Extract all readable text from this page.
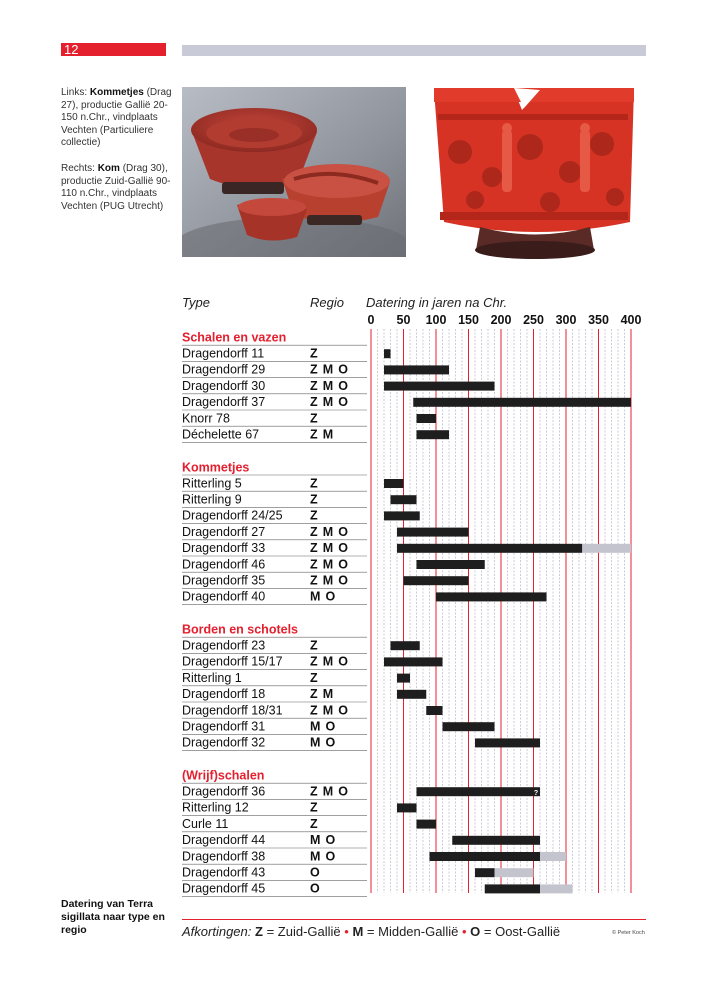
12
Links: Kommetjes (Drag 27), productie Gallië 20-150 n.Chr., vindplaats Vechten (Particuliere collectie)
Rechts: Kom (Drag 30), productie Zuid-Gallië 90-110 n.Chr., vindplaats Vechten (PUG Utrecht)
Type	Regio Datering in jaren na Chr.
0 50 100 150 200 250 300 350 400
Schalen en vazen
Dragendorff 11	Z
Dragendorff 29	Z M O
Dragendorff 30	Z M O
Dragendorff 37	Z M O
Knorr 78	Z
Déchelette 67	Z M
Kommetjes
Ritterling 5	Z
Ritterling 9	Z
Dragendorff 24/25 Z
Dragendorff 27	Z M O
Dragendorff 33	Z M O
Dragendorff 46	Z M O
Dragendorff 35	Z M O
Dragendorff 40	M O
Borden en schotels
Dragendorff 23	Z
Dragendorff 15/17 Z M O
Ritterling 1	Z
Dragendorff 18	Z M
Dragendorff 18/31 Z M O
Dragendorff 31	M O
Dragendorff 32	M O
(Wrijf)schalen
Dragendorff 36	Z M O	?
Ritterling 12	Z
Curle 11	Z
Dragendorff 44	M O
Dragendorff 38	M O
Dragendorff 43	O
Dragendorff 45	O
Datering van Terra sigillata naar type en regio	Afkortingen: Z = Zuid-Gallië • M = Midden-Gallië • O = Oost-Gallië	© Peter Koch
